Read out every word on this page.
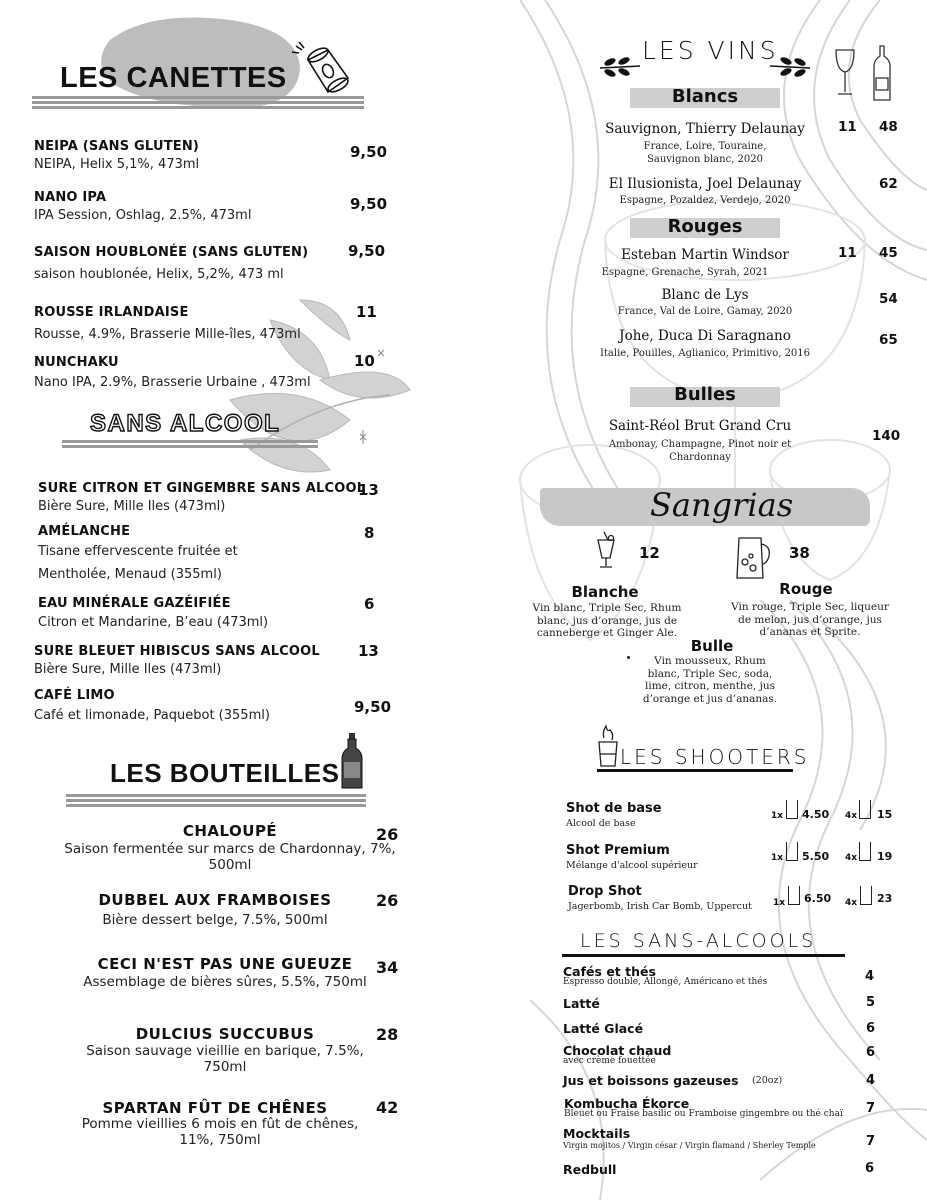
LES CANETTES
NEIPA (SANS GLUTEN)
NEIPA, Helix 5,1%, 473ml
9,50
NANO IPA
IPA Session, Oshlag, 2.5%, 473ml
9,50
SAISON HOUBLONÉE (SANS GLUTEN)
saison houblonée, Helix, 5,2%, 473 ml
9,50
ROUSSE IRLANDAISE
Rousse, 4.9%, Brasserie Mille-îles, 473ml
11
NUNCHAKU
Nano IPA, 2.9%, Brasserie Urbaine , 473ml
10
SANS ALCOOL
SURE CITRON ET GINGEMBRE SANS ALCOOL
Bière Sure, Mille Iles (473ml)
13
AMÉLANCHE
Tisane effervescente fruitée et
Mentholée, Menaud (355ml)
8
EAU MINÉRALE GAZÉIFIÉE
Citron et Mandarine, B’eau (473ml)
6
SURE BLEUET HIBISCUS SANS ALCOOL
Bière Sure, Mille Iles (473ml)
13
CAFÉ LIMO
Café et limonade, Paquebot (355ml)	9,50
LES BOUTEILLES
CHALOUPÉ
Saison fermentée sur marcs de Chardonnay, 7%, 500ml
26
DUBBEL AUX FRAMBOISES
Bière dessert belge, 7.5%, 500ml
26
CECI N'EST PAS UNE GUEUZE
Assemblage de bières sûres, 5.5%, 750ml
34
DULCIUS SUCCUBUS
Saison sauvage vieillie en barique, 7.5%, 750ml
28
SPARTAN FÛT DE CHÊNES
Pomme vieillies 6 mois en fût de chênes, 11%, 750ml
42
LES VINS
Blancs
Sauvignon, Thierry Delaunay
France, Loire, Touraine, Sauvignon blanc, 2020
11 48
El Ilusionista, Joel Delaunay
Espagne, Pozaldez, Verdejo, 2020
62
Rouges
Esteban Martin Windsor
Espagne, Grenache, Syrah, 2021
11 45
Blanc de Lys
France, Val de Loire, Gamay, 2020
54
Johe, Duca Di Saragnano
Italie, Pouilles, Aglianico, Primitivo, 2016
65
Bulles
Saint-Réol Brut Grand Cru
Ambonay, Champagne, Pinot noir et Chardonnay
140
Sangrias
12	38
Blanche
Vin blanc, Triple Sec, Rhum blanc, jus d’orange, jus de canneberge et Ginger Ale.
Rouge
Vin rouge, Triple Sec, liqueur de melon, jus d’orange, jus d’ananas et Sprite.
Bulle
Vin mousseux, Rhum blanc, Triple Sec, soda, lime, citron, menthe, jus d’orange et jus d’ananas.
LES SHOOTERS
Shot de base
Alcool de base
1x 4.50 4x 15
Shot Premium
Mélange d'alcool supérieur
1x 5.50 4x 19
Drop Shot
Jagerbomb, Irish Car Bomb, Uppercut 1x 6.50 4x 23
LES SANS-ALCOOLS
Cafés et thés
Espresso double, Allongé, Américano et thés	4
Latté	5
Latté Glacé	6
Chocolat chaud
avec crème fouettée
6
Jus et boissons gazeuses (20oz)	4
Kombucha Ékorce
Bleuet ou Fraise basilic ou Framboise gingembre ou thé chaï 7
Mocktails
Virgin mojitos / Virgin césar / Virgin flamand / Sherley Temple	7
Redbull	6
